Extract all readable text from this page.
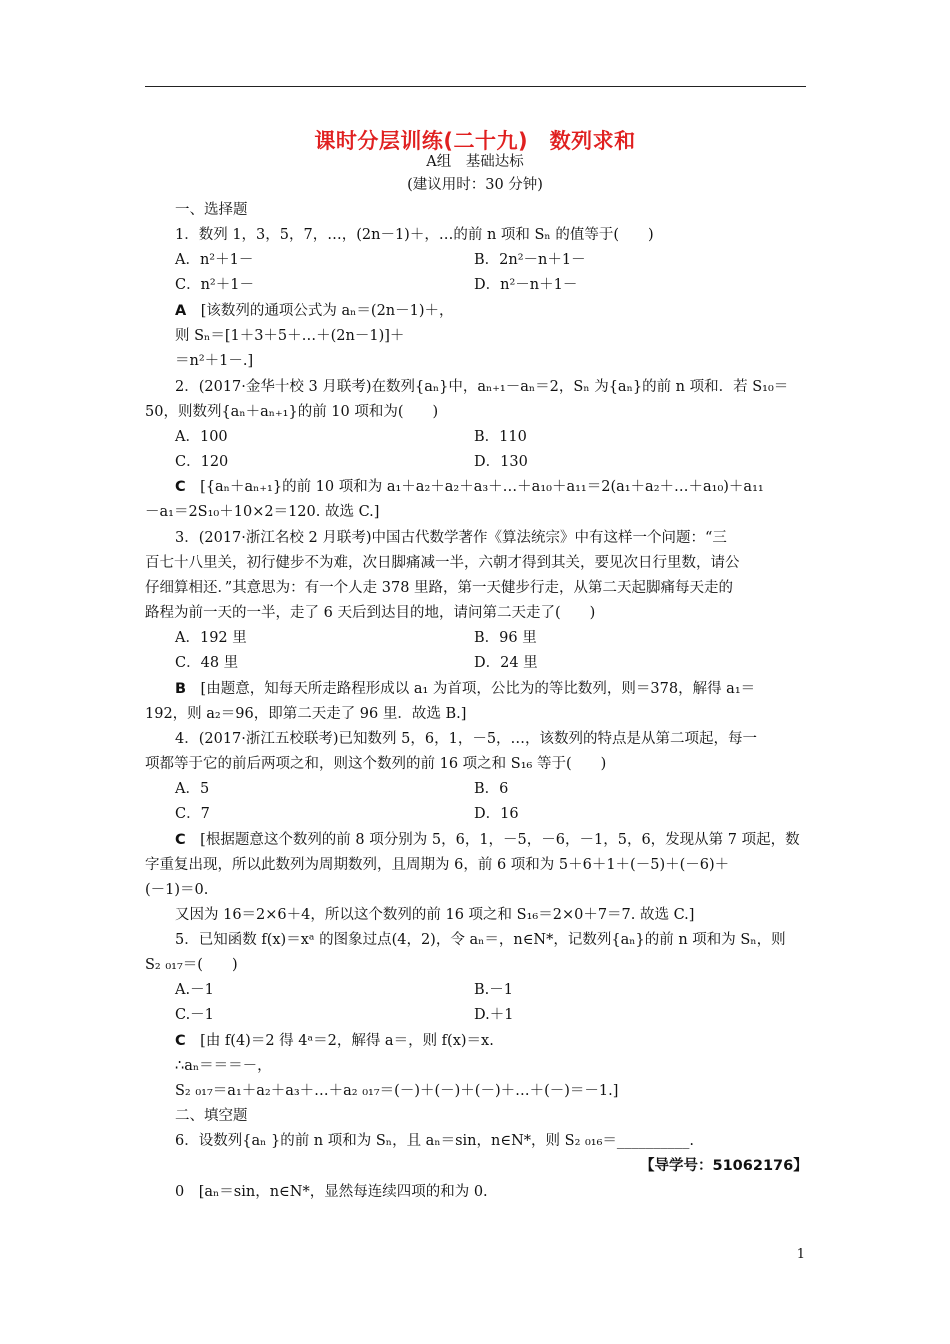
课时分层训练(二十九)　数列求和
A组　基础达标
(建议用时：30 分钟)
一、选择题
1．数列 1，3，5，7，…，(2n－1)＋，…的前 n 项和 Sₙ 的值等于(　　)
A．n²＋1－	B．2n²－n＋1－
C．n²＋1－	D．n²－n＋1－
A　[该数列的通项公式为 aₙ＝(2n－1)＋，
则 Sₙ＝[1＋3＋5＋…＋(2n－1)]＋
＝n²＋1－.]
2．(2017·金华十校 3 月联考)在数列{aₙ}中，aₙ₊₁－aₙ＝2，Sₙ 为{aₙ}的前 n 项和．若 S₁₀＝
50，则数列{aₙ＋aₙ₊₁}的前 10 项和为(　　)
A．100	B．110
C．120	D．130
C　[{aₙ＋aₙ₊₁}的前 10 项和为 a₁＋a₂＋a₂＋a₃＋…＋a₁₀＋a₁₁＝2(a₁＋a₂＋…＋a₁₀)＋a₁₁
－a₁＝2S₁₀＋10×2＝120. 故选 C.]
3．(2017·浙江名校 2 月联考)中国古代数学著作《算法统宗》中有这样一个问题：“三
百七十八里关，初行健步不为难，次日脚痛减一半，六朝才得到其关，要见次日行里数，请公
仔细算相还．”其意思为：有一个人走 378 里路，第一天健步行走，从第二天起脚痛每天走的
路程为前一天的一半，走了 6 天后到达目的地，请问第二天走了(　　)
A．192 里	B．96 里
C．48 里	D．24 里
B　[由题意，知每天所走路程形成以 a₁ 为首项，公比为的等比数列，则＝378，解得 a₁＝
192，则 a₂＝96，即第二天走了 96 里．故选 B.]
4．(2017·浙江五校联考)已知数列 5，6，1，－5，…，该数列的特点是从第二项起，每一
项都等于它的前后两项之和，则这个数列的前 16 项之和 S₁₆ 等于(　　)
A．5	B．6
C．7	D．16
C　[根据题意这个数列的前 8 项分别为 5，6，1，－5，－6，－1，5，6，发现从第 7 项起，数
字重复出现，所以此数列为周期数列，且周期为 6，前 6 项和为 5＋6＋1＋(－5)＋(－6)＋
(－1)＝0.
又因为 16＝2×6＋4，所以这个数列的前 16 项之和 S₁₆＝2×0＋7＝7. 故选 C.]
5．已知函数 f(x)＝xᵃ 的图象过点(4，2)，令 aₙ＝，n∈N*，记数列{aₙ}的前 n 项和为 Sₙ，则
S₂ ₀₁₇＝(　　)
A.－1	B.－1
C.－1	D.＋1
C　[由 f(4)＝2 得 4ᵃ＝2，解得 a＝，则 f(x)＝x.
∴aₙ＝＝＝－，
S₂ ₀₁₇＝a₁＋a₂＋a₃＋…＋a₂ ₀₁₇＝(－)＋(－)＋(－)＋…＋(－)＝－1.]
二、填空题
6．设数列{aₙ }的前 n 项和为 Sₙ，且 aₙ＝sin，n∈N*，则 S₂ ₀₁₆＝__________.
【导学号：51062176】
0　[aₙ＝sin，n∈N*，显然每连续四项的和为 0.
1
